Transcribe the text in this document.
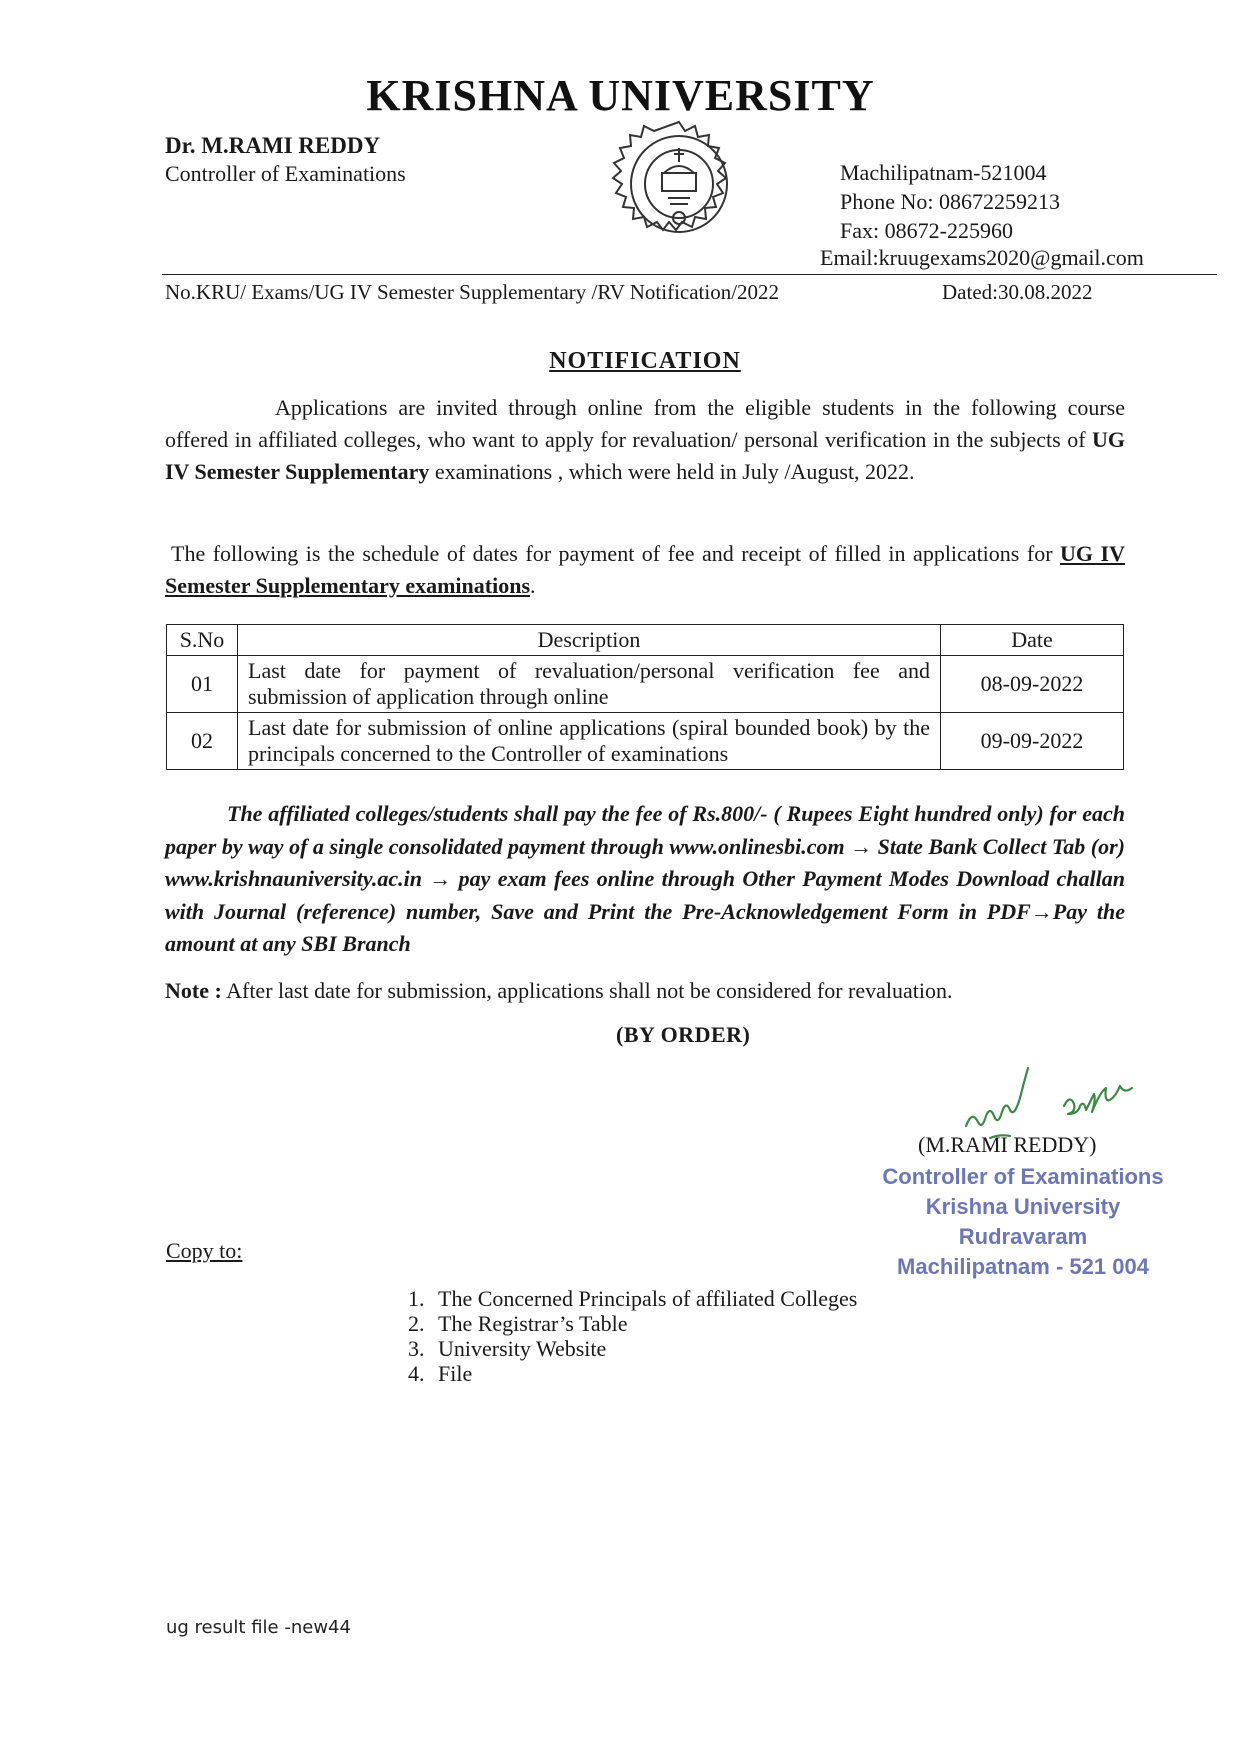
KRISHNA UNIVERSITY
Dr. M.RAMI REDDY
Controller of Examinations	Machilipatnam-521004
Phone No: 08672259213
Fax: 08672-225960
Email:kruugexams2020@gmail.com
No.KRU/ Exams/UG IV Semester Supplementary /RV Notification/2022	Dated:30.08.2022
NOTIFICATION
Applications are invited through online from the eligible students in the following course offered in affiliated colleges, who want to apply for revaluation/ personal verification in the subjects of UG IV Semester Supplementary examinations , which were held in July /August, 2022.
The following is the schedule of dates for payment of fee and receipt of filled in applications for UG IV Semester Supplementary examinations.
S.No	Description	Date
01	Last date for payment of revaluation/personal verification fee and submission of application through online	08-09-2022
02	Last date for submission of online applications (spiral bounded book) by the principals concerned to the Controller of examinations	09-09-2022
The affiliated colleges/students shall pay the fee of Rs.800/- ( Rupees Eight hundred only) for each paper by way of a single consolidated payment through www.onlinesbi.com → State Bank Collect Tab (or) www.krishnauniversity.ac.in → pay exam fees online through Other Payment Modes Download challan with Journal (reference) number, Save and Print the Pre-Acknowledgement Form in PDF→Pay the amount at any SBI Branch
Note : After last date for submission, applications shall not be considered for revaluation.
(BY ORDER)
(M.RAMI REDDY)
Controller of Examinations
Krishna University
Rudravaram
Machilipatnam - 521 004
Copy to:
1. The Concerned Principals of affiliated Colleges
2. The Registrar’s Table
3. University Website
4. File
ug result file -new44
